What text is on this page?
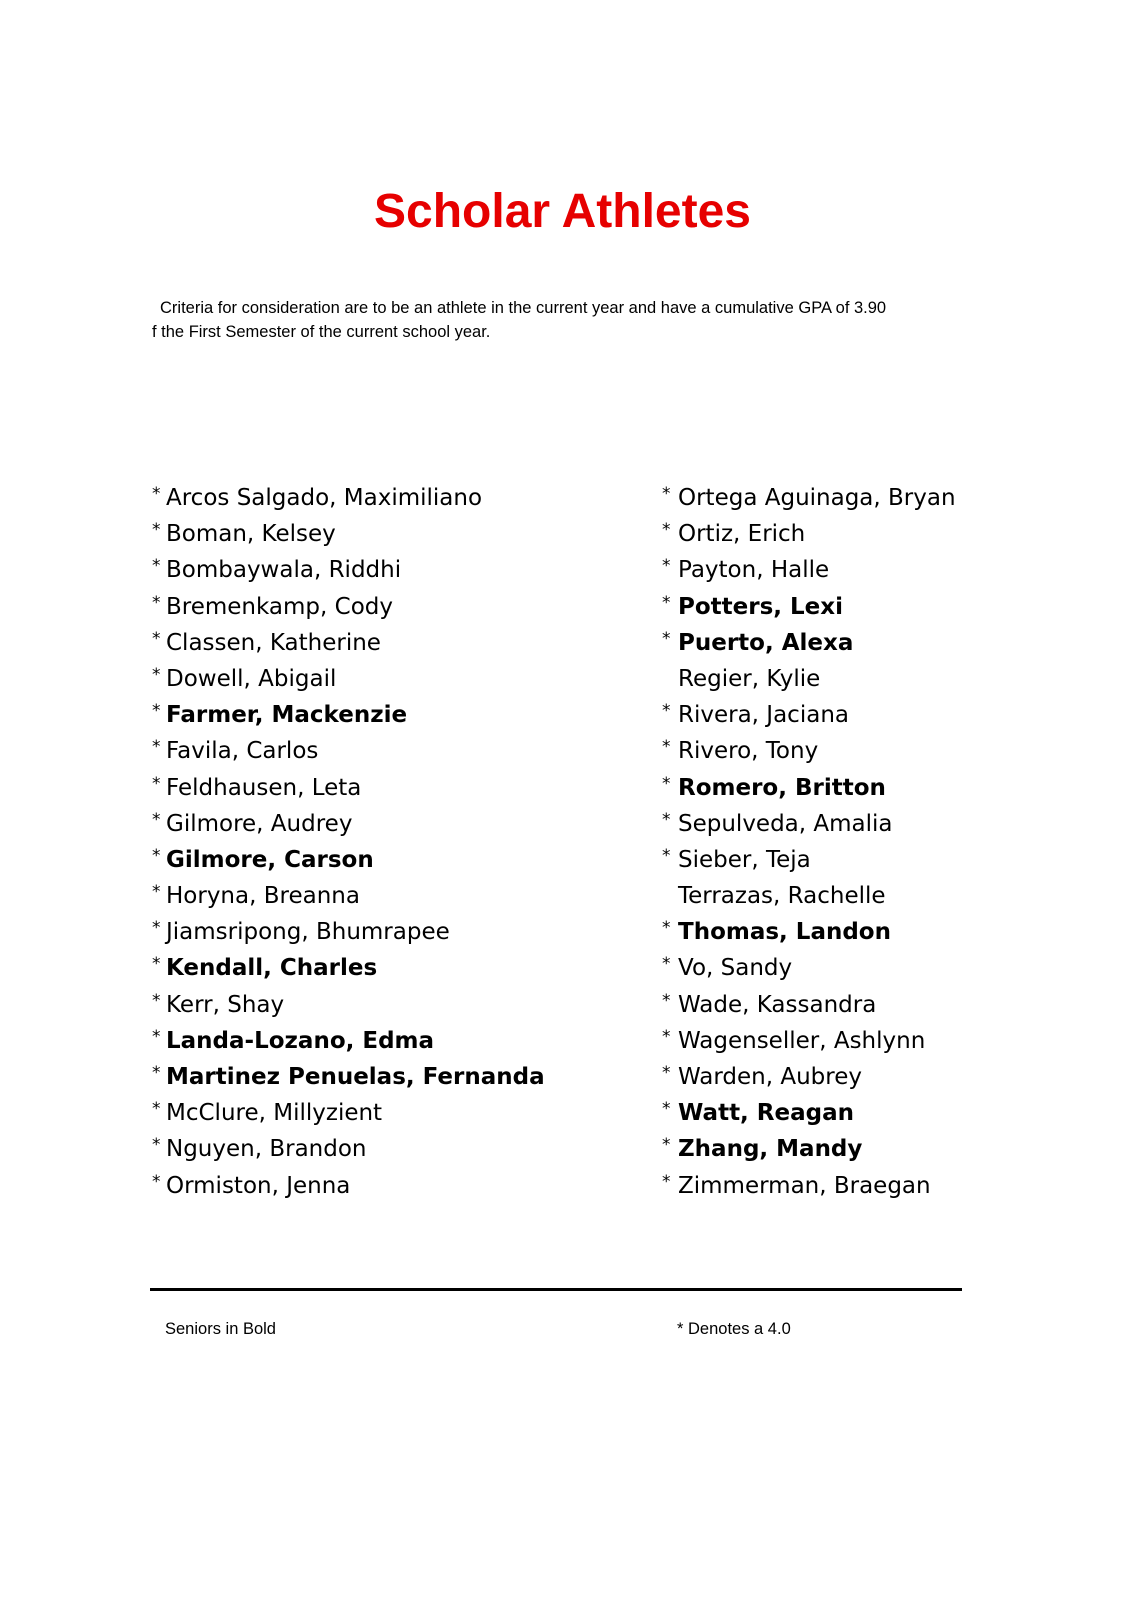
Scholar Athletes

Criteria for consideration are to be an athlete in the current year and have a cumulative GPA of 3.90
f the First Semester of the current school year.

* Arcos Salgado, Maximiliano
* Boman, Kelsey
* Bombaywala, Riddhi
* Bremenkamp, Cody
* Classen, Katherine
* Dowell, Abigail
* Farmer, Mackenzie
* Favila, Carlos
* Feldhausen, Leta
* Gilmore, Audrey
* Gilmore, Carson
* Horyna, Breanna
* Jiamsripong, Bhumrapee
* Kendall, Charles
* Kerr, Shay
* Landa-Lozano, Edma
* Martinez Penuelas, Fernanda
* McClure, Millyzient
* Nguyen, Brandon
* Ormiston, Jenna
* Ortega Aguinaga, Bryan
* Ortiz, Erich
* Payton, Halle
* Potters, Lexi
* Puerto, Alexa
Regier, Kylie
* Rivera, Jaciana
* Rivero, Tony
* Romero, Britton
* Sepulveda, Amalia
* Sieber, Teja
Terrazas, Rachelle
* Thomas, Landon
* Vo, Sandy
* Wade, Kassandra
* Wagenseller, Ashlynn
* Warden, Aubrey
* Watt, Reagan
* Zhang, Mandy
* Zimmerman, Braegan

Seniors in Bold	* Denotes a 4.0
